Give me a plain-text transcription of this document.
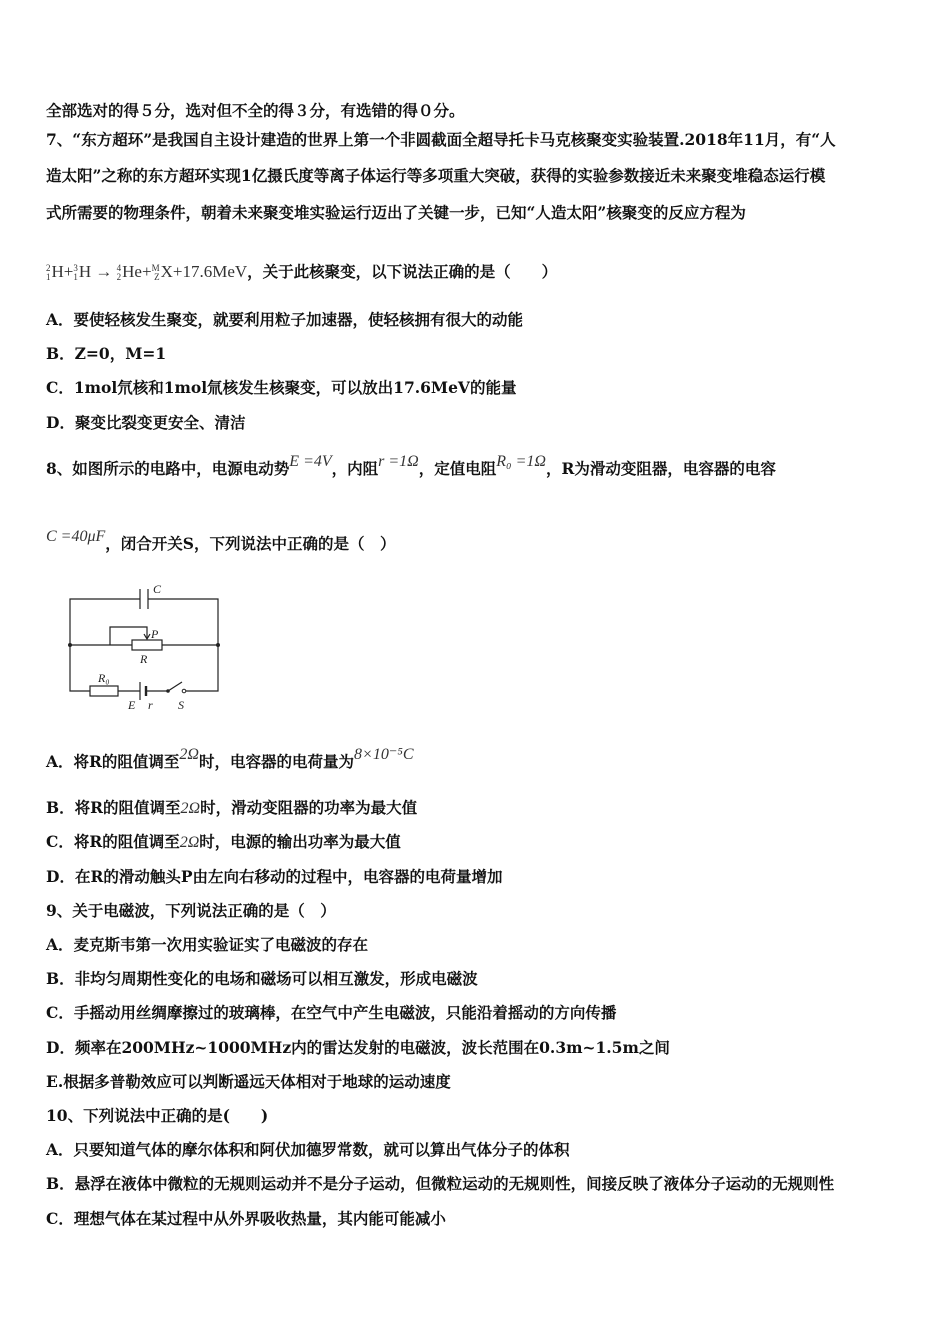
全部选对的得５分，选对但不全的得３分，有选错的得０分。
7、“东方超环”是我国自主设计建造的世界上第一个非圆截面全超导托卡马克核聚变实验装置.2018年11月，有“人
造太阳”之称的东方超环实现1亿摄氏度等离子体运行等多项重大突破，获得的实验参数接近未来聚变堆稳态运行模
式所需要的物理条件，朝着未来聚变堆实验运行迈出了关键一步，已知“人造太阳”核聚变的反应方程为
2
1 H+ 3
1 H → 4
2 He+ M
Z X+17.6MeV，关于此核聚变，以下说法正确的是（　　）
A．要使轻核发生聚变，就要利用粒子加速器，使轻核拥有很大的动能
B．Z=0，M=1
C．1mol氘核和1mol氚核发生核聚变，可以放出17.6MeV的能量
D．聚变比裂变更安全、清洁
8、如图所示的电路中，电源电动势E =4V，内阻r =1Ω，定值电阻R₀ =1Ω，R为滑动变阻器，电容器的电容
C =40μF，闭合开关S，下列说法中正确的是（　）
C
P
R
R₀
E r S
A．将R的阻值调至2Ω时，电容器的电荷量为8×10⁻⁵C
B．将R的阻值调至2Ω时，滑动变阻器的功率为最大值
C．将R的阻值调至2Ω时，电源的输出功率为最大值
D．在R的滑动触头P由左向右移动的过程中，电容器的电荷量增加
9、关于电磁波，下列说法正确的是（　）
A．麦克斯韦第一次用实验证实了电磁波的存在
B．非均匀周期性变化的电场和磁场可以相互激发，形成电磁波
C．手摇动用丝绸摩擦过的玻璃棒，在空气中产生电磁波，只能沿着摇动的方向传播
D．频率在200MHz~1000MHz内的雷达发射的电磁波，波长范围在0.3m~1.5m之间
E.根据多普勒效应可以判断遥远天体相对于地球的运动速度
10、下列说法中正确的是(　　)
A．只要知道气体的摩尔体积和阿伏加德罗常数，就可以算出气体分子的体积
B．悬浮在液体中微粒的无规则运动并不是分子运动，但微粒运动的无规则性，间接反映了液体分子运动的无规则性
C．理想气体在某过程中从外界吸收热量，其内能可能减小
